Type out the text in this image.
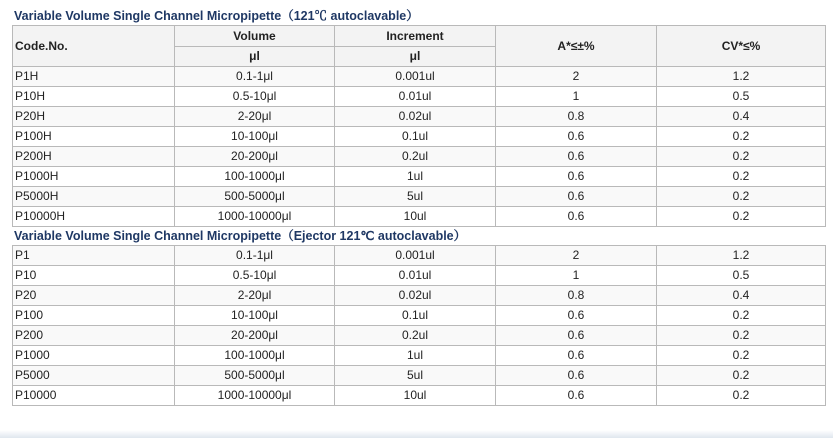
Variable Volume Single Channel Micropipette（121℃ autoclavable）
Code.No.	Volume	Increment	A*≤±%	CV*≤%
	μl	μl		
P1H	0.1-1μl	0.001ul	2	1.2
P10H	0.5-10μl	0.01ul	1	0.5
P20H	2-20μl	0.02ul	0.8	0.4
P100H	10-100μl	0.1ul	0.6	0.2
P200H	20-200μl	0.2ul	0.6	0.2
P1000H	100-1000μl	1ul	0.6	0.2
P5000H	500-5000μl	5ul	0.6	0.2
P10000H	1000-10000μl	10ul	0.6	0.2
Variable Volume Single Channel Micropipette（Ejector 121℃ autoclavable）
P1	0.1-1μl	0.001ul	2	1.2
P10	0.5-10μl	0.01ul	1	0.5
P20	2-20μl	0.02ul	0.8	0.4
P100	10-100μl	0.1ul	0.6	0.2
P200	20-200μl	0.2ul	0.6	0.2
P1000	100-1000μl	1ul	0.6	0.2
P5000	500-5000μl	5ul	0.6	0.2
P10000	1000-10000μl	10ul	0.6	0.2
